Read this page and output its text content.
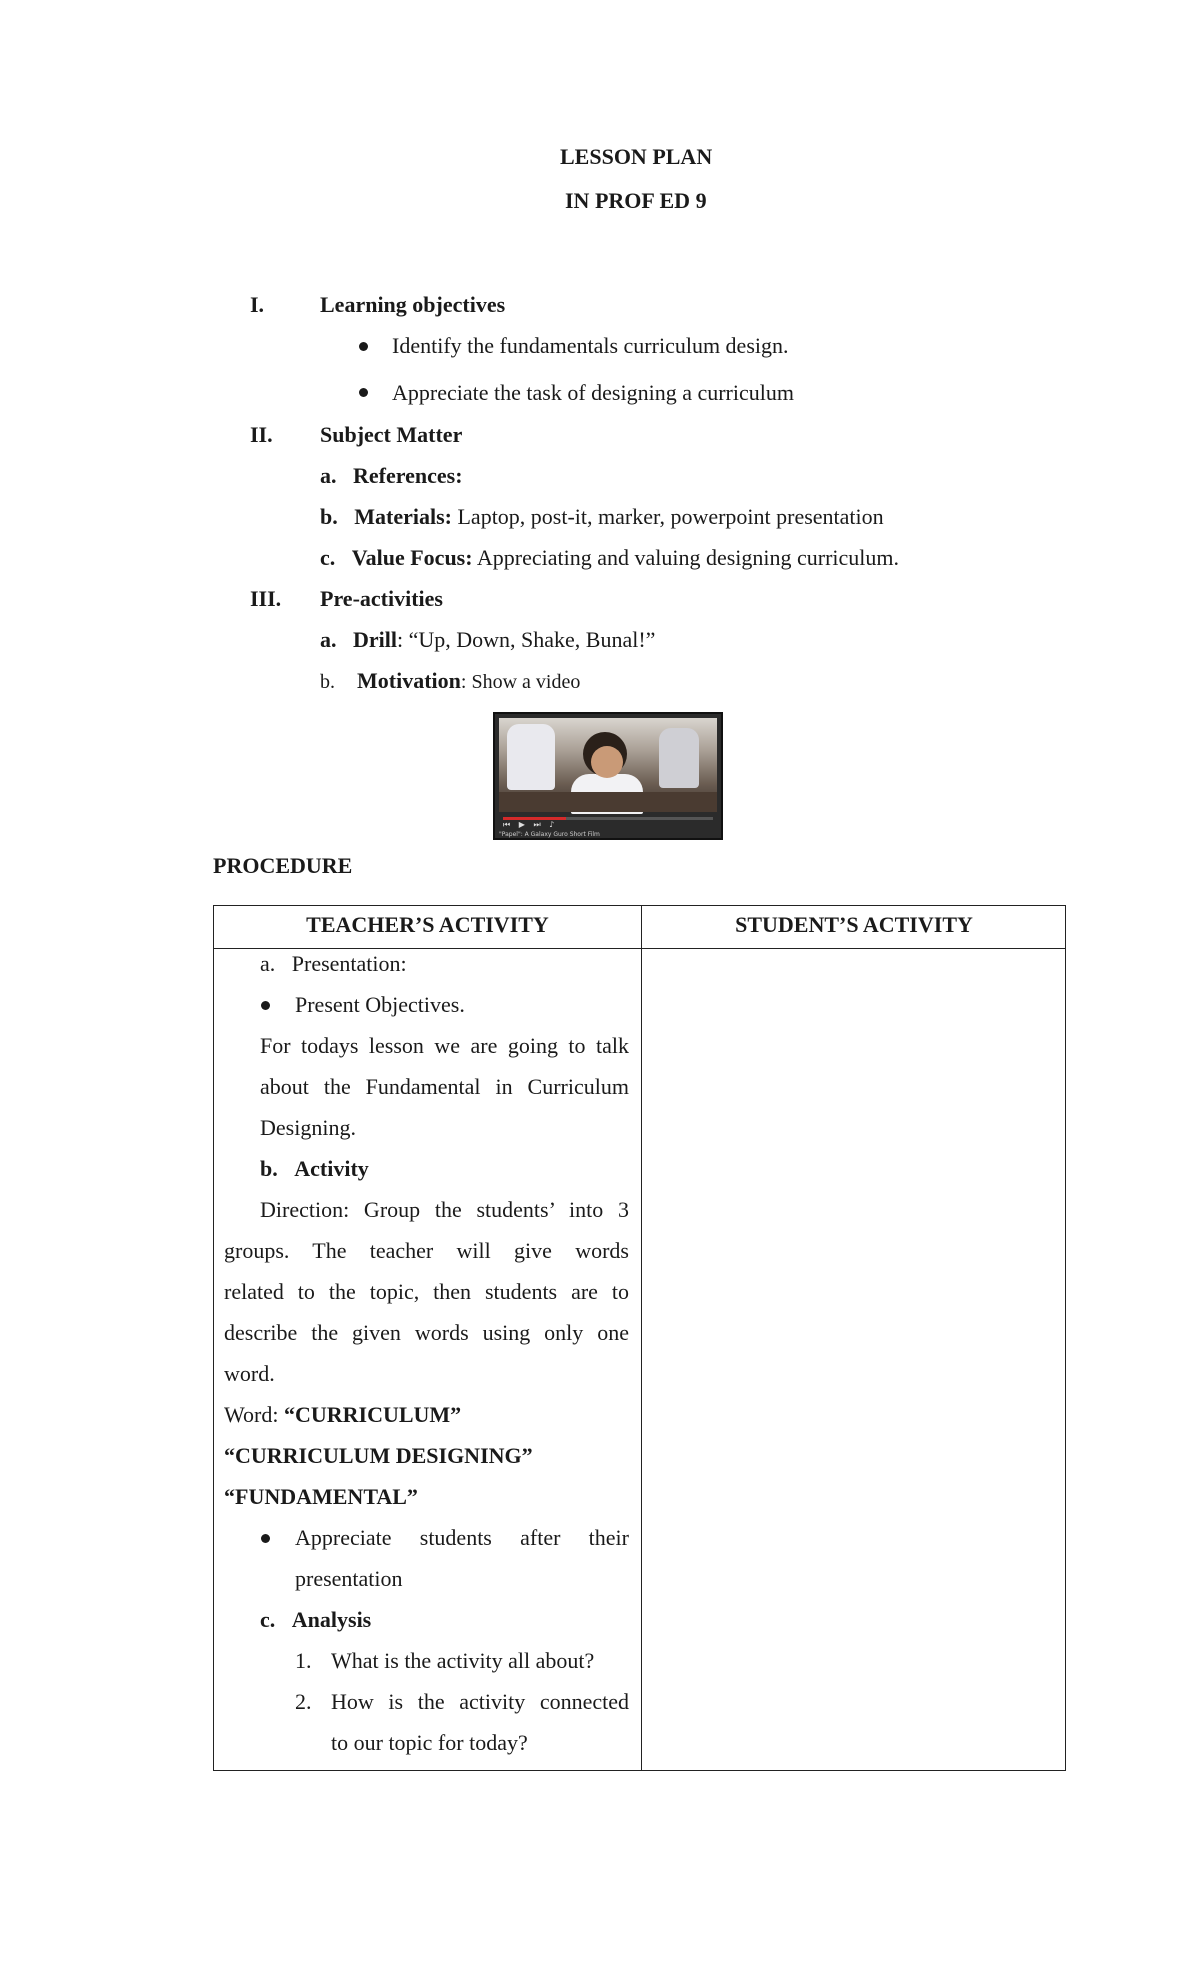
LESSON PLAN
IN PROF ED 9
I.	Learning objectives
Identify the fundamentals curriculum design.
Appreciate the task of designing a curriculum
II. Subject Matter
a. References:
b. Materials: Laptop, post-it, marker, powerpoint presentation
c. Value Focus: Appreciating and valuing designing curriculum.
III. Pre-activities
a. Drill: “Up, Down, Shake, Bunal!”
b. Motivation: Show a video
⏮ ▶ ⏭ ♪
"Papel": A Galaxy Guro Short Film
PROCEDURE
TEACHER’S ACTIVITY	STUDENT’S ACTIVITY
a. Presentation:
Present Objectives.
For todays lesson we are going to talk
about the Fundamental in Curriculum
Designing.
b. Activity
Direction: Group the students’ into 3
groups. The teacher will give words
related to the topic, then students are to
describe the given words using only one
word.
Word: “CURRICULUM”
“CURRICULUM DESIGNING”
“FUNDAMENTAL”
Appreciate students after their
presentation
c. Analysis
1. What is the activity all about?
2. How is the activity connected
to our topic for today?
